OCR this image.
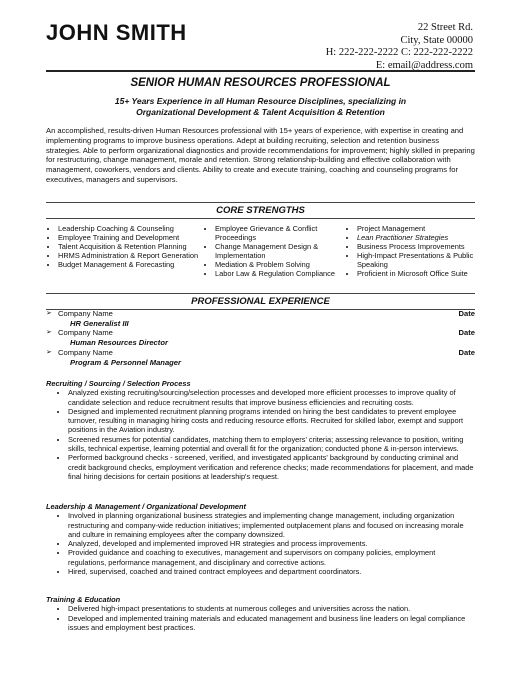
JOHN SMITH	22 Street Rd.
City, State 00000
H: 222-222-2222 C: 222-222-2222
E: email@address.com
SENIOR HUMAN RESOURCES PROFESSIONAL
15+ Years Experience in all Human Resource Disciplines, specializing in
Organizational Development & Talent Acquisition & Retention
An accomplished, results-driven Human Resources professional with 15+ years of experience, with expertise in creating and implementing programs to improve business operations. Adept at building recruiting, selection and retention business strategies. Able to perform organizational diagnostics and provide recommendations for improvement; highly skilled in preparing for restructuring, change management, morale and retention. Strong relationship-building and effective collaboration with management, coworkers, vendors and clients. Ability to create and execute training, coaching and counseling programs for executives, managers and supervisors.
CORE STRENGTHS
• Leadership Coaching & Counseling
• Employee Training and Development
• Talent Acquisition & Retention Planning
• HRMS Administration & Report Generation
• Budget Management & Forecasting
• Employee Grievance & Conflict Proceedings
• Change Management Design & Implementation
• Mediation & Problem Solving
• Labor Law & Regulation Compliance
• Project Management
• Lean Practitioner Strategies
• Business Process Improvements
• High-Impact Presentations & Public Speaking
• Proficient in Microsoft Office Suite
PROFESSIONAL EXPERIENCE
➢ Company Name	Date
HR Generalist III
➢ Company Name	Date
Human Resources Director
➢ Company Name	Date
Program & Personnel Manager
Recruiting / Sourcing / Selection Process
• Analyzed existing recruiting/sourcing/selection processes and developed more efficient processes to improve quality of candidate selection and reduce recruitment results that improve business efficiencies and recruiting costs.
• Designed and implemented recruitment planning programs intended on hiring the best candidates to prevent employee turnover, resulting in managing hiring costs and reducing resource efforts. Recruited for skilled labor, exempt and support positions in the Aviation industry.
• Screened resumes for potential candidates, matching them to employers' criteria; assessing relevance to position, writing skills, technical expertise, learning potential and overall fit for the organization; conducted phone & in-person interviews.
• Performed background checks - screened, verified, and investigated applicants' background by conducting criminal and credit background checks, employment verification and reference checks; made recommendations for placement, and made final hiring decisions for certain positions at leadership's request.
Leadership & Management / Organizational Development
• Involved in planning organizational business strategies and implementing change management, including organization restructuring and company-wide reduction initiatives; implemented outplacement plans and focused on increasing morale and culture in remaining employees after the company downsized.
• Analyzed, developed and implemented improved HR strategies and process improvements.
• Provided guidance and coaching to executives, management and supervisors on company policies, employment regulations, performance management, and disciplinary and corrective actions.
• Hired, supervised, coached and trained contract employees and department coordinators.
Training & Education
• Delivered high-impact presentations to students at numerous colleges and universities across the nation.
• Developed and implemented training materials and educated management and business line leaders on legal compliance issues and employment best practices.
